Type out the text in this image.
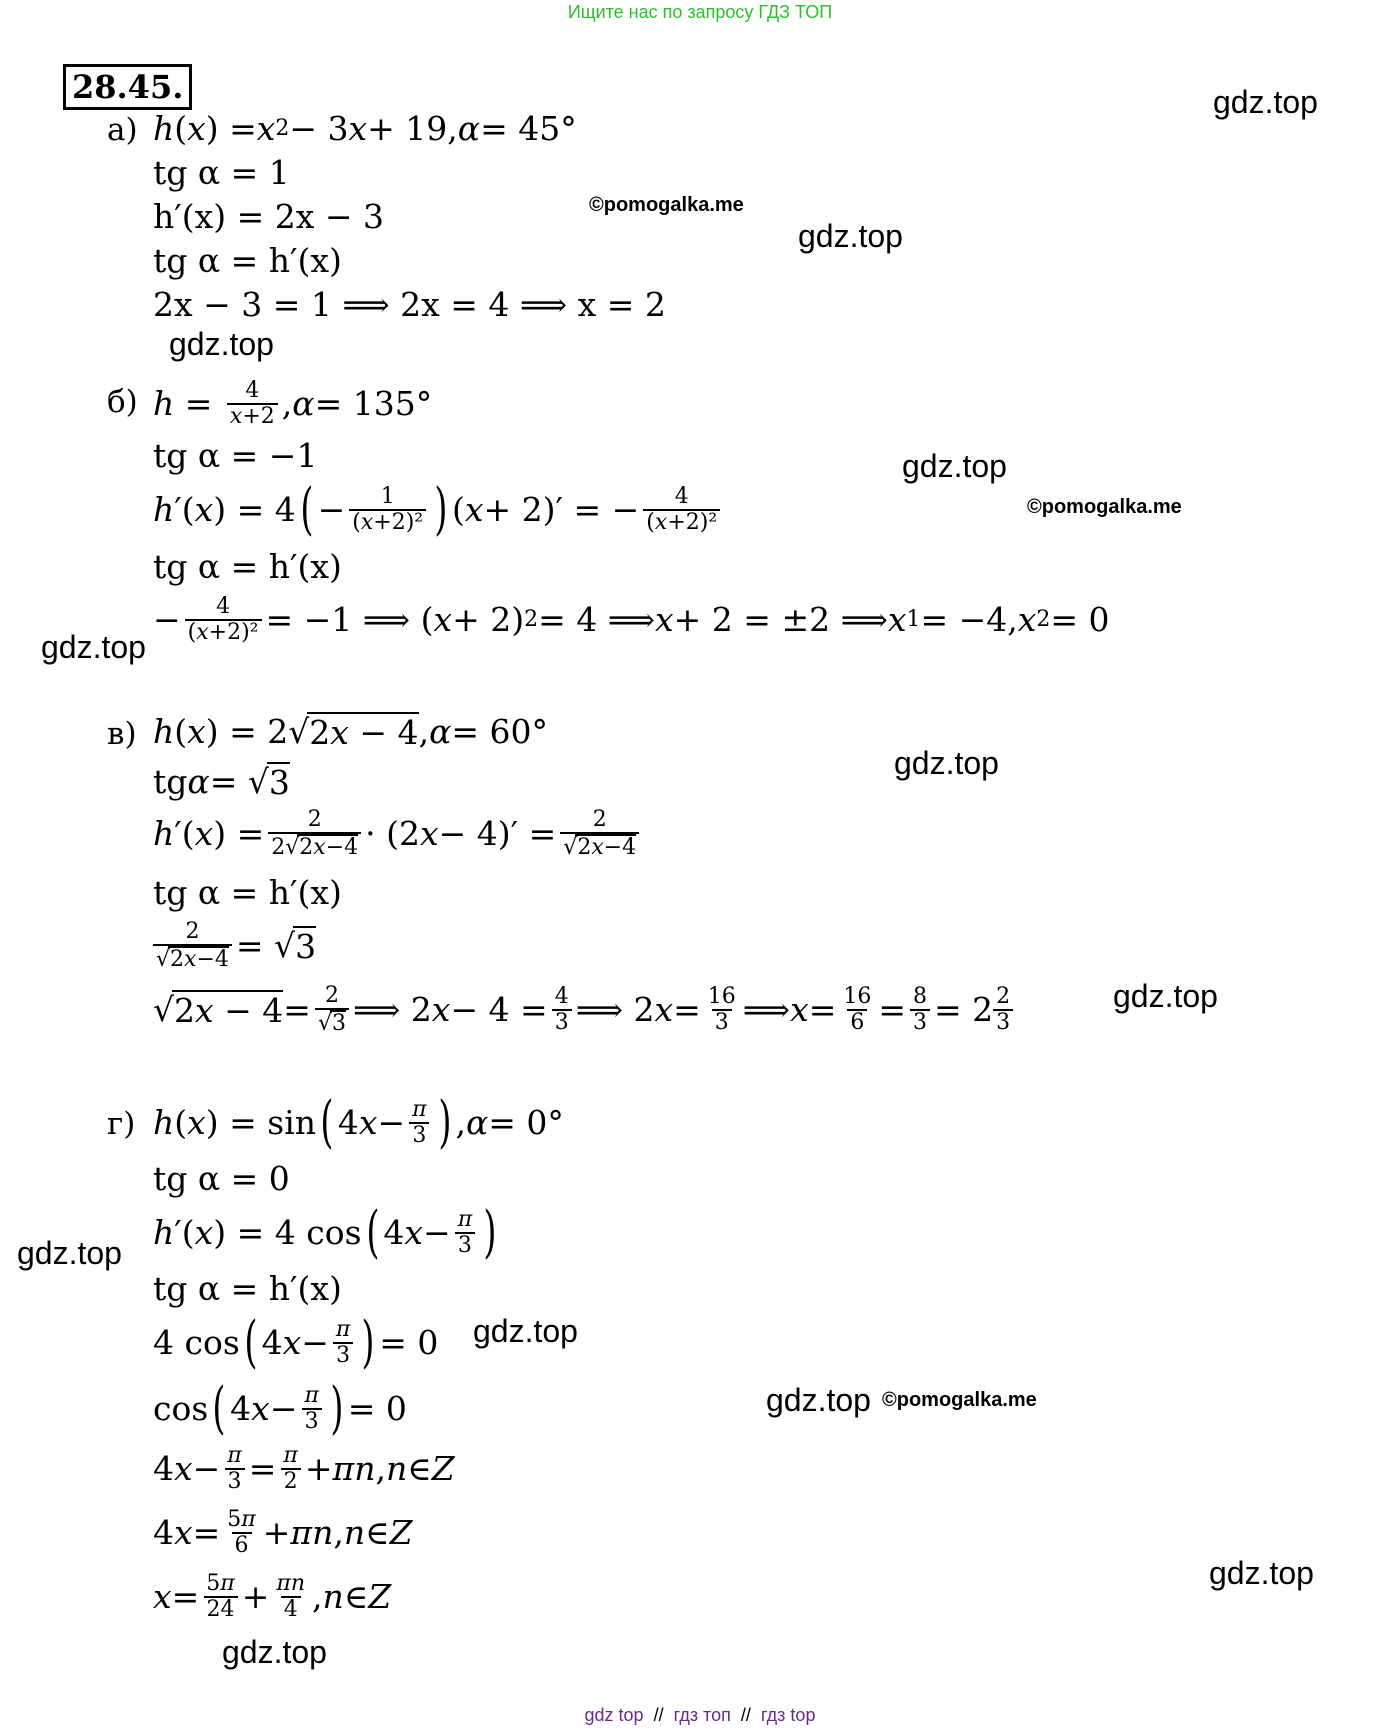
Ищите нас по запросу ГДЗ ТОП
28.45.	gdz.top
gdz.top
gdz.top
gdz.top
gdz.top
gdz.top
gdz.top
gdz.top
gdz.top
gdz.top
gdz.top
gdz.top
©pomogalka.me
©pomogalka.me
©pomogalka.me
а) h ( x ) = x 2 − 3 x + 19, α = 45°
tg α = 1
h′(x) = 2x − 3
tg α = h′(x)
2x − 3 = 1 ⟹ 2x = 4 ⟹ x = 2
б) $h = \frac{4}{x+2}$ , α = 135°
tg α = −1
h ′( x ) = 4 ( − $\frac{1}{\text{(x+2)²}}$ ) ( x + 2)′ = − $\frac{4}{\text{(x+2)²}}$
tg α = h′(x)
− $\frac{4}{\text{(x+2)²}} = -1$ ⟹ ( x + 2) 2 = 4 ⟹ x + 2 = ±2 ⟹ x 1 = −4, x 2 = 0
в) h ( x ) = 2√ 2x − 4 , α = 60°
tg α = √ 3
h ′( x ) = $\frac{2}{2√2x-4} \cdot (2$ $x - 4)' = \frac{2}{√2x-4}$
tg α = h′(x)
$\frac{2}{√2x-4}$ = √ 3
√ $2x - 4 = \frac{2}{√3}$ ⟹ 2 $x - 4 = \frac{4}{3}$ ⟹ 2 $x = \frac{16}{3}$ ⟹ $x = \frac{16}{6} = \frac{8}{3} = 2 \frac{2}{3}$
г) h ( x ) = sin ( 4 $x - \frac{\pi}{3}$ ) , α = 0°
tg α = 0
h ′( x ) = 4 cos ( 4 $x - \frac{\pi}{3}$ )
tg α = h′(x)
4 cos ( 4 $x - \frac{\pi}{3}$ ) = 0
cos ( 4 $x - \frac{\pi}{3}$ ) = 0
4 $x - \frac{\pi}{3} = \frac{\pi}{2} + \pi n$ , n ∈ Z
4 $x = \frac{5\pi}{6} + \pi n$ , n ∈ Z
$x = \frac{5\pi}{24} + \frac{\pi n}{4}$ , n ∈ Z
gdz top // гдз топ // гдз top
